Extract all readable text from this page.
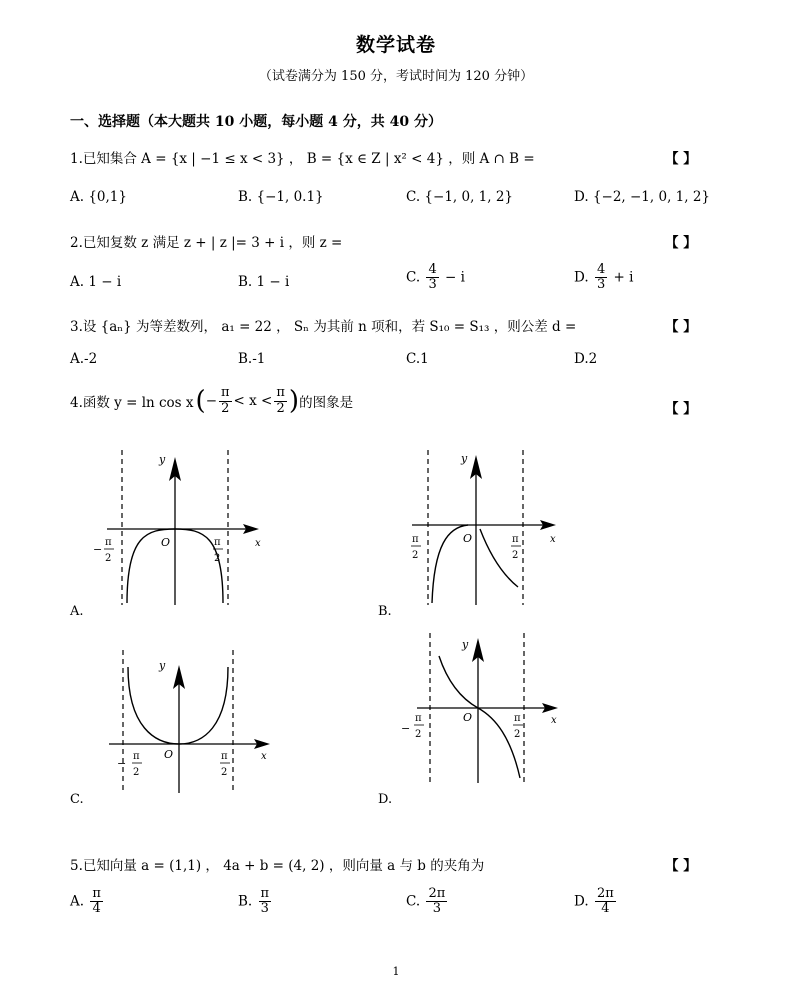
数学试卷
（试卷满分为 150 分，考试时间为 120 分钟）
一、选择题（本大题共 10 小题，每小题 4 分，共 40 分）
1.已知集合 A = {x | −1 ≤ x < 3} ， B = {x ∈ Z | x² < 4} ，则 A ∩ B =	【 】
A. {0,1}	B. {−1, 0.1}	C. {−1, 0, 1, 2}	D. {−2, −1, 0, 1, 2}
2.已知复数 z 满足 z + | z |= 3 + i ，则 z =	【 】
A. 1 − i	B. 1 − i	C. $\frac{4}{3} - i$	D. $\frac{4}{3} + i$
3.设 {aₙ} 为等差数列， a₁ = 22 ， Sₙ 为其前 n 项和，若 S₁₀ = S₁₃ ，则公差 d =	【 】
A.-2	B.-1	C.1	D.2
4.函数 y = ln cos x ( − $\frac{\pi}{2} < x < \frac{\pi}{2}$ ) 的图象是	【 】
y
x
O
−
π
2
π
2
A.
y
x
O
π
2
π
2
B.
y
x
O
−
π
2
π
2
C.
y
x
O
−
π
2
π
2
D.
5.已知向量 a = (1,1) ， 4a + b = (4, 2) ，则向量 a 与 b 的夹角为	【 】
A. $\frac{\pi}{4}$	B. $\frac{\pi}{3}$	C. $\frac{2\pi}{3}$	D. $\frac{2\pi}{4}$
1
